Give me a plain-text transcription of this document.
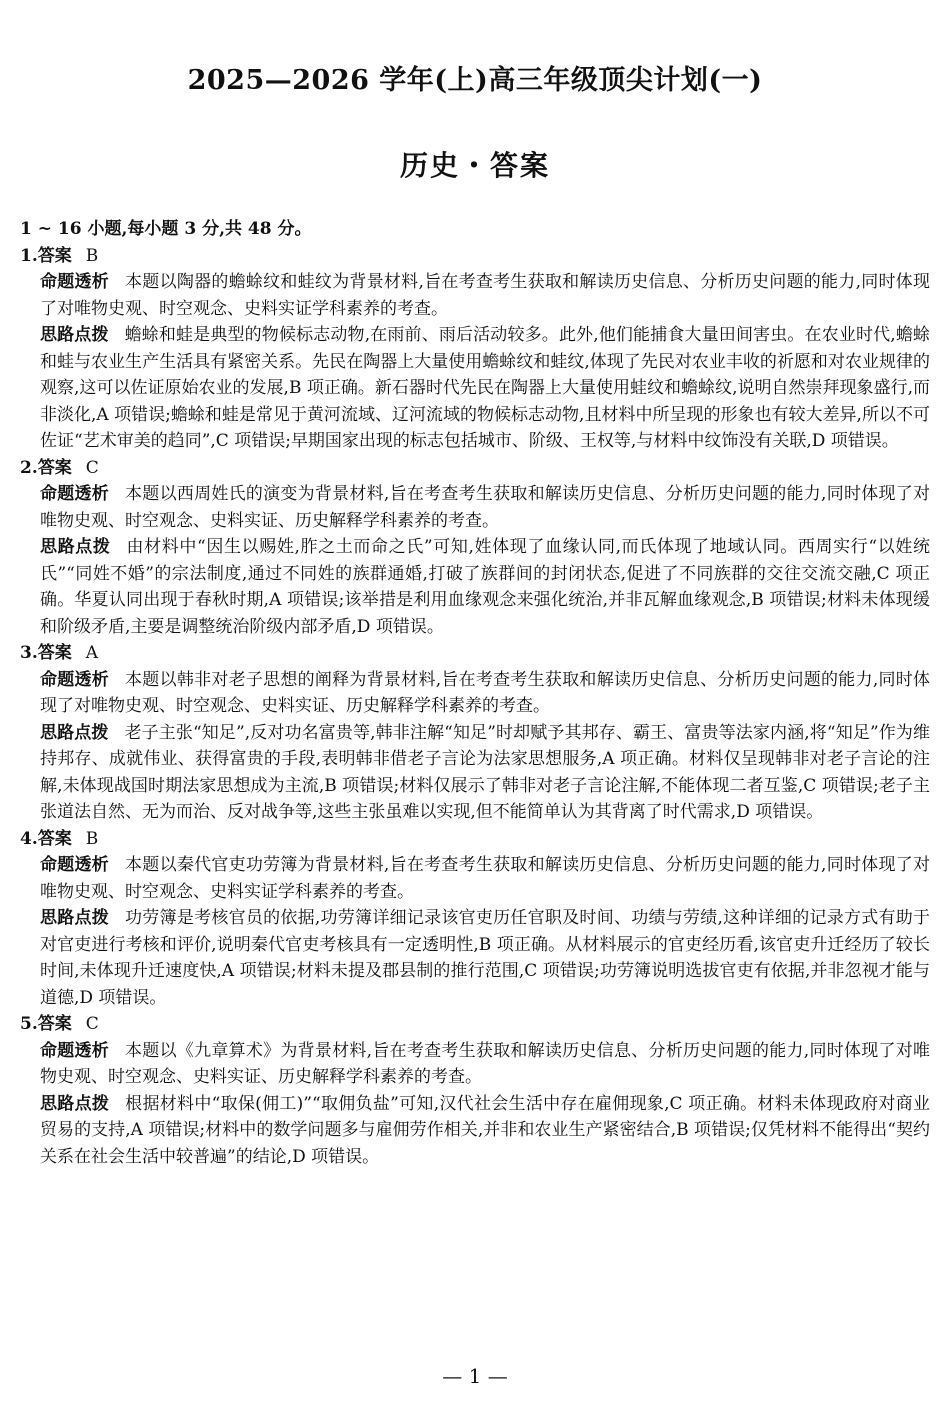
2025—2026 学年(上)高三年级顶尖计划(一)
历史・答案

1 ~ 16 小题,每小题 3 分,共 48 分。

1.答案 B

命题透析 本题以陶器的蟾蜍纹和蛙纹为背景材料,旨在考查考生获取和解读历史信息、分析历史问题的能力,同时体现了对唯物史观、时空观念、史料实证学科素养的考查。

思路点拨 蟾蜍和蛙是典型的物候标志动物,在雨前、雨后活动较多。此外,他们能捕食大量田间害虫。在农业时代,蟾蜍和蛙与农业生产生活具有紧密关系。先民在陶器上大量使用蟾蜍纹和蛙纹,体现了先民对农业丰收的祈愿和对农业规律的观察,这可以佐证原始农业的发展,B 项正确。新石器时代先民在陶器上大量使用蛙纹和蟾蜍纹,说明自然崇拜现象盛行,而非淡化,A 项错误;蟾蜍和蛙是常见于黄河流域、辽河流域的物候标志动物,且材料中所呈现的形象也有较大差异,所以不可佐证“艺术审美的趋同”,C 项错误;早期国家出现的标志包括城市、阶级、王权等,与材料中纹饰没有关联,D 项错误。

2.答案 C

命题透析 本题以西周姓氏的演变为背景材料,旨在考查考生获取和解读历史信息、分析历史问题的能力,同时体现了对唯物史观、时空观念、史料实证、历史解释学科素养的考查。

思路点拨 由材料中“因生以赐姓,胙之土而命之氏”可知,姓体现了血缘认同,而氏体现了地域认同。西周实行“以姓统氏”“同姓不婚”的宗法制度,通过不同姓的族群通婚,打破了族群间的封闭状态,促进了不同族群的交往交流交融,C 项正确。华夏认同出现于春秋时期,A 项错误;该举措是利用血缘观念来强化统治,并非瓦解血缘观念,B 项错误;材料未体现缓和阶级矛盾,主要是调整统治阶级内部矛盾,D 项错误。

3.答案 A

命题透析 本题以韩非对老子思想的阐释为背景材料,旨在考查考生获取和解读历史信息、分析历史问题的能力,同时体现了对唯物史观、时空观念、史料实证、历史解释学科素养的考查。

思路点拨 老子主张“知足”,反对功名富贵等,韩非注解“知足”时却赋予其邦存、霸王、富贵等法家内涵,将“知足”作为维持邦存、成就伟业、获得富贵的手段,表明韩非借老子言论为法家思想服务,A 项正确。材料仅呈现韩非对老子言论的注解,未体现战国时期法家思想成为主流,B 项错误;材料仅展示了韩非对老子言论注解,不能体现二者互鉴,C 项错误;老子主张道法自然、无为而治、反对战争等,这些主张虽难以实现,但不能简单认为其背离了时代需求,D 项错误。

4.答案 B

命题透析 本题以秦代官吏功劳簿为背景材料,旨在考查考生获取和解读历史信息、分析历史问题的能力,同时体现了对唯物史观、时空观念、史料实证学科素养的考查。

思路点拨 功劳簿是考核官员的依据,功劳簿详细记录该官吏历任官职及时间、功绩与劳绩,这种详细的记录方式有助于对官吏进行考核和评价,说明秦代官吏考核具有一定透明性,B 项正确。从材料展示的官吏经历看,该官吏升迁经历了较长时间,未体现升迁速度快,A 项错误;材料未提及郡县制的推行范围,C 项错误;功劳簿说明选拔官吏有依据,并非忽视才能与道德,D 项错误。

5.答案 C

命题透析 本题以《九章算术》为背景材料,旨在考查考生获取和解读历史信息、分析历史问题的能力,同时体现了对唯物史观、时空观念、史料实证、历史解释学科素养的考查。

思路点拨 根据材料中“取保(佣工)”“取佣负盐”可知,汉代社会生活中存在雇佣现象,C 项正确。材料未体现政府对商业贸易的支持,A 项错误;材料中的数学问题多与雇佣劳作相关,并非和农业生产紧密结合,B 项错误;仅凭材料不能得出“契约关系在社会生活中较普遍”的结论,D 项错误。

— 1 —
